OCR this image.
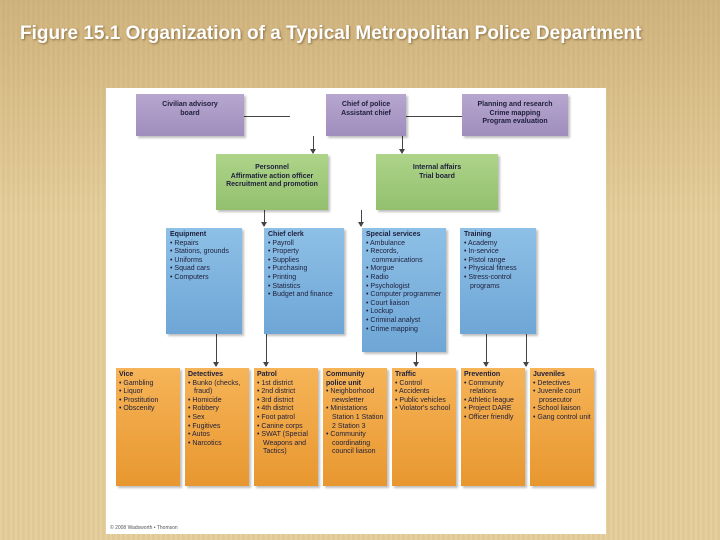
Figure 15.1 Organization of a Typical Metropolitan Police Department
Civilian advisory
board
Chief of police
Assistant chief
Planning and research
Crime mapping
Program evaluation
Personnel
Affirmative action officer
Recruitment and promotion
Internal affairs
Trial board
Equipment
• Repairs
• Stations, grounds
• Uniforms
• Squad cars
• Computers
Chief clerk
• Payroll
• Property
• Supplies
• Purchasing
• Printing
• Statistics
• Budget and finance
Special services
• Ambulance
• Records, communications
• Morgue
• Radio
• Psychologist
• Computer programmer
• Court liaison
• Lockup
• Criminal analyst
• Crime mapping
Training
• Academy
• In-service
• Pistol range
• Physical fitness
• Stress-control programs
Vice
• Gambling
• Liquor
• Prostitution
• Obscenity
Detectives
• Bunko (checks, fraud)
• Homicide
• Robbery
• Sex
• Fugitives
• Autos
• Narcotics
Patrol
• 1st district
• 2nd district
• 3rd district
• 4th district
• Foot patrol
• Canine corps
• SWAT (Special Weapons and Tactics)
Community police unit
• Neighborhood newsletter
• Ministations Station 1 Station 2 Station 3
• Community coordinating council liaison
Traffic
• Control
• Accidents
• Public vehicles
• Violator's school
Prevention
• Community relations
• Athletic league
• Project DARE
• Officer friendly
Juveniles
• Detectives
• Juvenile court prosecutor
• School liaison
• Gang control unit
© 2008 Wadsworth • Thomson
